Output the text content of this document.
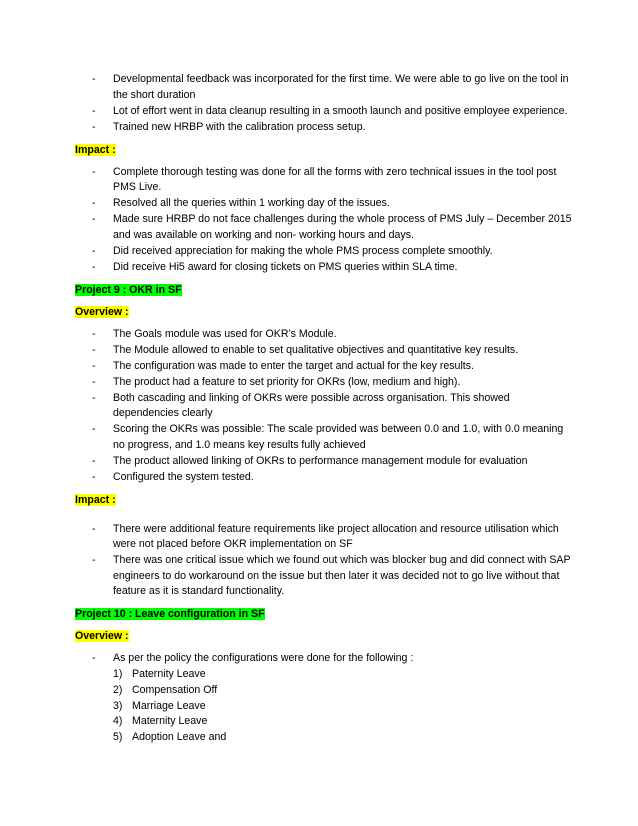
- Developmental feedback was incorporated for the first time. We were able to go live on the tool in the short duration
- Lot of effort went in data cleanup resulting in a smooth launch and positive employee experience.
- Trained new HRBP with the calibration process setup.
Impact :
- Complete thorough testing was done for all the forms with zero technical issues in the tool post PMS Live.
- Resolved all the queries within 1 working day of the issues.
- Made sure HRBP do not face challenges during the whole process of PMS July – December 2015 and was available on working and non- working hours and days.
- Did received appreciation for making the whole PMS process complete smoothly.
- Did receive Hi5 award for closing tickets on PMS queries within SLA time.
Project 9 : OKR in SF
Overview :
- The Goals module was used for OKR’s Module.
- The Module allowed to enable to set qualitative objectives and quantitative key results.
- The configuration was made to enter the target and actual for the key results.
- The product had a feature to set priority for OKRs (low, medium and high).
- Both cascading and linking of OKRs were possible across organisation. This showed dependencies clearly
- Scoring the OKRs was possible: The scale provided was between 0.0 and 1.0, with 0.0 meaning no progress, and 1.0 means key results fully achieved
- The product allowed linking of OKRs to performance management module for evaluation
- Configured the system tested.
Impact :
- There were additional feature requirements like project allocation and resource utilisation which were not placed before OKR implementation on SF
- There was one critical issue which we found out which was blocker bug and did connect with SAP engineers to do workaround on the issue but then later it was decided not to go live without that feature as it is standard functionality.
Project 10 : Leave configuration in SF
Overview :
- As per the policy the configurations were done for the following :
1) Paternity Leave
2) Compensation Off
3) Marriage Leave
4) Maternity Leave
5) Adoption Leave and
